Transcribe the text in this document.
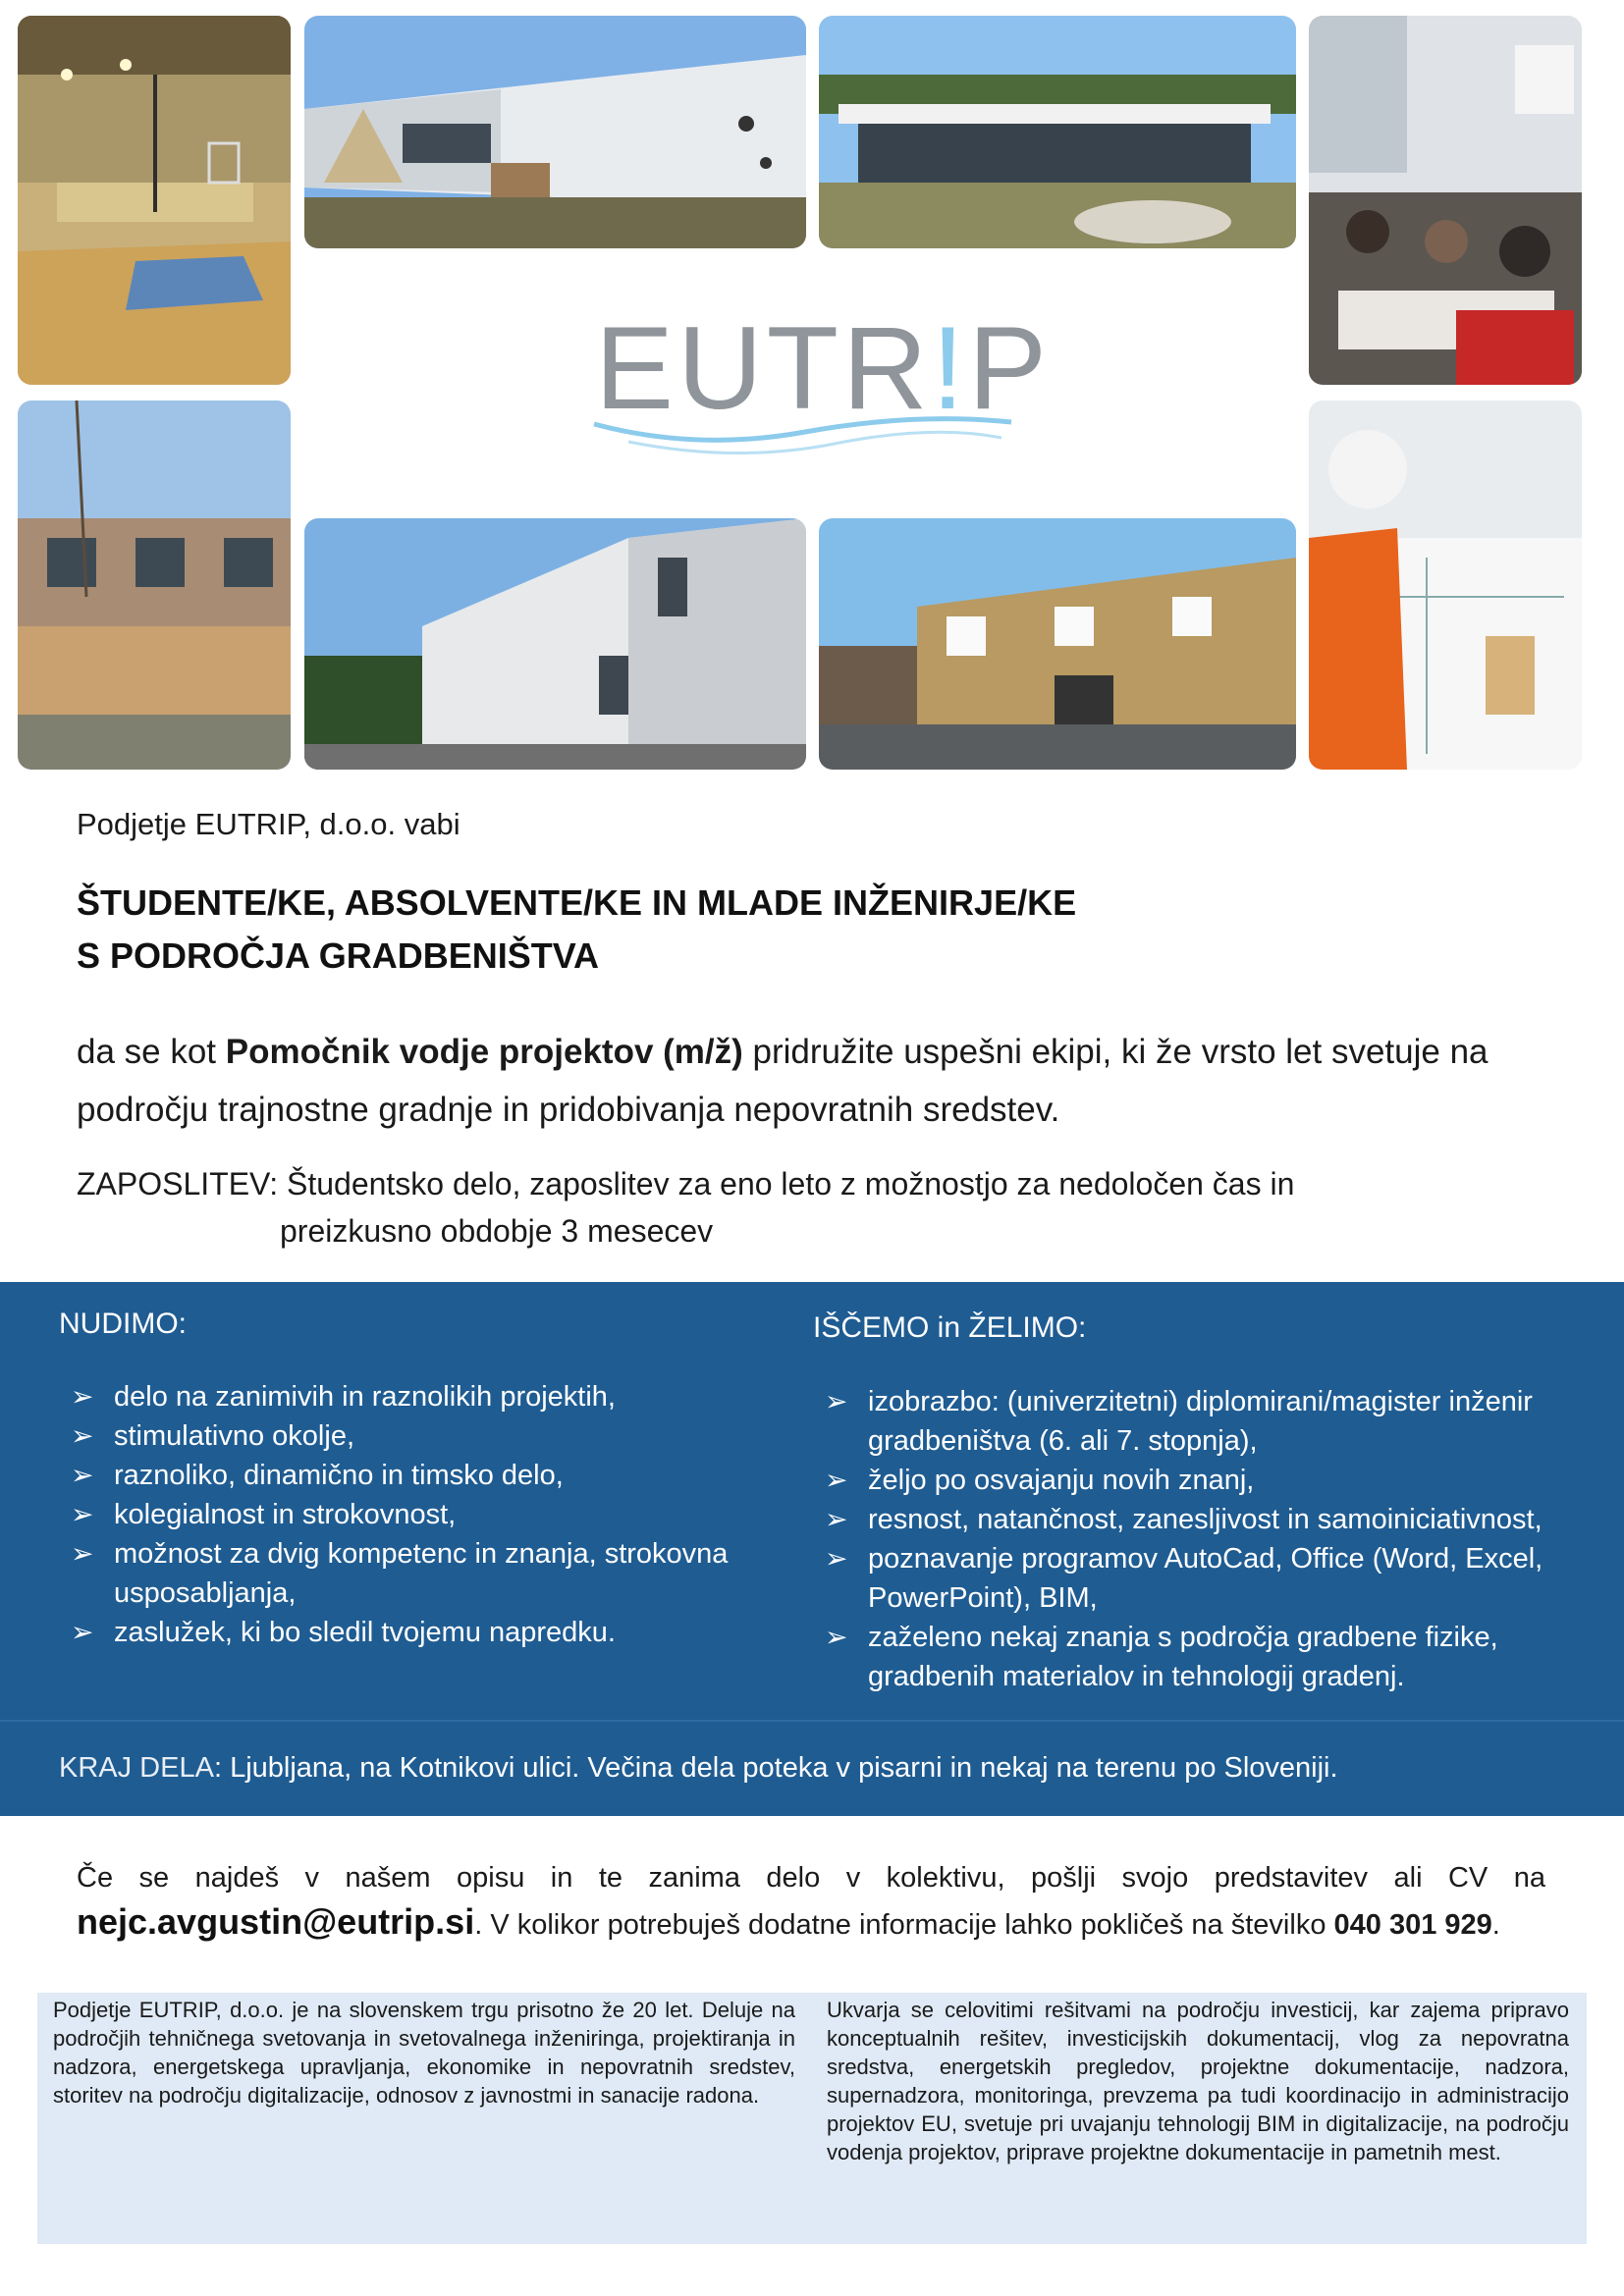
EUTR!P
Podjetje EUTRIP, d.o.o. vabi
ŠTUDENTE/KE, ABSOLVENTE/KE IN MLADE INŽENIRJE/KE
S PODROČJA GRADBENIŠTVA
da se kot Pomočnik vodje projektov (m/ž) pridružite uspešni ekipi, ki že vrsto let svetuje na področju trajnostne gradnje in pridobivanja nepovratnih sredstev.
ZAPOSLITEV: Študentsko delo, zaposlitev za eno leto z možnostjo za nedoločen čas in
preizkusno obdobje 3 mesecev
NUDIMO:
➢ delo na zanimivih in raznolikih projektih,
➢ stimulativno okolje,
➢ raznoliko, dinamično in timsko delo,
➢ kolegialnost in strokovnost,
➢ možnost za dvig kompetenc in znanja, strokovna usposabljanja,
➢ zaslužek, ki bo sledil tvojemu napredku.
IŠČEMO in ŽELIMO:
➢ izobrazbo: (univerzitetni) diplomirani/magister inženir gradbeništva (6. ali 7. stopnja),
➢ željo po osvajanju novih znanj,
➢ resnost, natančnost, zanesljivost in samoiniciativnost,
➢ poznavanje programov AutoCad, Office (Word, Excel, PowerPoint), BIM,
➢ zaželeno nekaj znanja s področja gradbene fizike, gradbenih materialov in tehnologij gradenj.
KRAJ DELA: Ljubljana, na Kotnikovi ulici. Večina dela poteka v pisarni in nekaj na terenu po Sloveniji.
Če se najdeš v našem opisu in te zanima delo v kolektivu, pošlji svojo predstavitev ali CV na
nejc.avgustin@eutrip.si. V kolikor potrebuješ dodatne informacije lahko pokličeš na številko 040 301 929.
Podjetje EUTRIP, d.o.o. je na slovenskem trgu prisotno že 20 let. Deluje na področjih tehničnega svetovanja in svetovalnega inženiringa, projektiranja in nadzora, energetskega upravljanja, ekonomike in nepovratnih sredstev, storitev na področju digitalizacije, odnosov z javnostmi in sanacije radona.
Ukvarja se celovitimi rešitvami na področju investicij, kar zajema pripravo konceptualnih rešitev, investicijskih dokumentacij, vlog za nepovratna sredstva, energetskih pregledov, projektne dokumentacije, nadzora, supernadzora, monitoringa, prevzema pa tudi koordinacijo in administracijo projektov EU, svetuje pri uvajanju tehnologij BIM in digitalizacije, na področju vodenja projektov, priprave projektne dokumentacije in pametnih mest.
